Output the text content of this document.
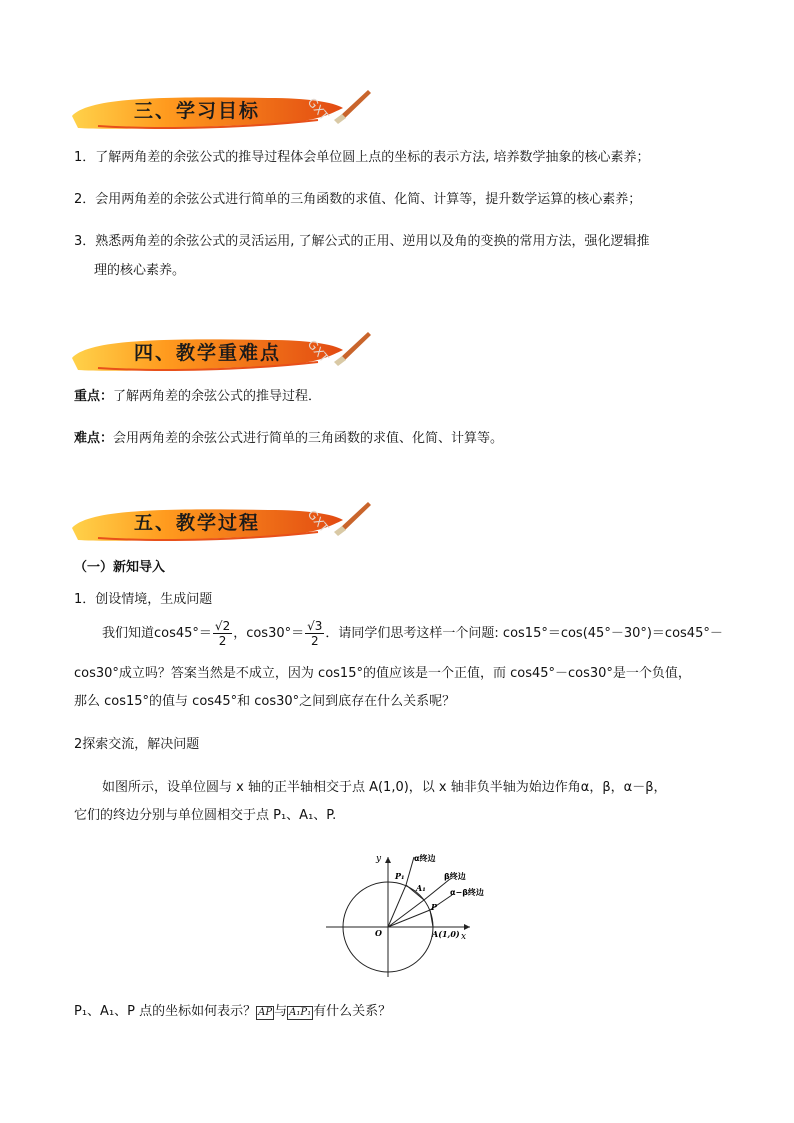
GXT
三、学习目标
1．了解两角差的余弦公式的推导过程体会单位圆上点的坐标的表示方法, 培养数学抽象的核心素养；
2．会用两角差的余弦公式进行简单的三角函数的求值、化简、计算等，提升数学运算的核心素养；
3．熟悉两角差的余弦公式的灵活运用, 了解公式的正用、逆用以及角的变换的常用方法，强化逻辑推
理的核心素养。
GXT
四、教学重难点
重点：了解两角差的余弦公式的推导过程．
难点：会用两角差的余弦公式进行简单的三角函数的求值、化简、计算等。
GXT
五、教学过程
（一）新知导入
1．创设情境，生成问题
我们知道$\cos 45^\circ= \frac{√2}{2}$ ，$\cos 30^\circ= \frac{√3}{2}$ ．请同学们思考这样一个问题: cos15°＝cos(45°－30°)＝cos45°－
cos30°成立吗？答案当然是不成立，因为 cos15°的值应该是一个正值，而 cos45°－cos30°是一个负值，
那么 cos15°的值与 cos45°和 cos30°之间到底存在什么关系呢？
2探索交流，解决问题
如图所示，设单位圆与 x 轴的正半轴相交于点 A(1,0)，以 x 轴非负半轴为始边作角α，β，α－β，
它们的终边分别与单位圆相交于点 P₁、A₁、P.
y
x
O
α终边
β终边
α−β终边
P₁
A₁
P
A(1,0)
P₁、A₁、P 点的坐标如何表示？ AP 与 A₁P₁ 有什么关系？
